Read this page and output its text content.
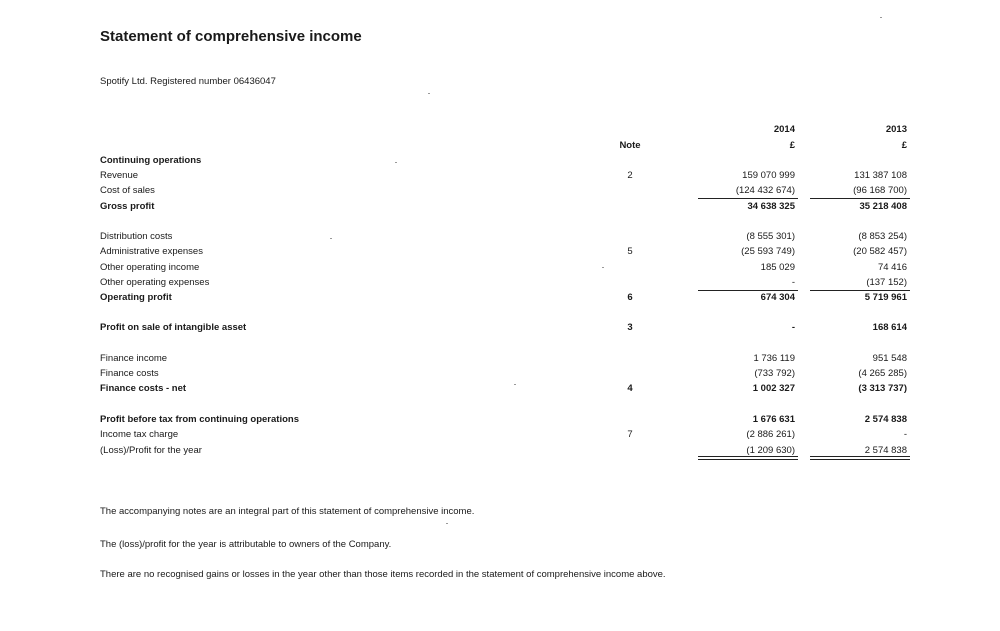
Statement of comprehensive income
Spotify Ltd. Registered number 06436047
2014	2013
£	£
Note
Continuing operations
Revenue	2	159 070 999	131 387 108
Cost of sales	(124 432 674)	(96 168 700)
Gross profit	34 638 325	35 218 408
Distribution costs	(8 555 301)	(8 853 254)
Administrative expenses	5	(25 593 749)	(20 582 457)
Other operating income	185 029	74 416
Other operating expenses	-	(137 152)
Operating profit	6	674 304	5 719 961
Profit on sale of intangible asset	3	-	168 614
Finance income	1 736 119	951 548
Finance costs	(733 792)	(4 265 285)
Finance costs - net	4	1 002 327	(3 313 737)
Profit before tax from continuing operations	1 676 631	2 574 838
Income tax charge	7	(2 886 261)	-
(Loss)/Profit for the year	(1 209 630)	2 574 838
The accompanying notes are an integral part of this statement of comprehensive income.
The (loss)/profit for the year is attributable to owners of the Company.
There are no recognised gains or losses in the year other than those items recorded in the statement of comprehensive income above.
